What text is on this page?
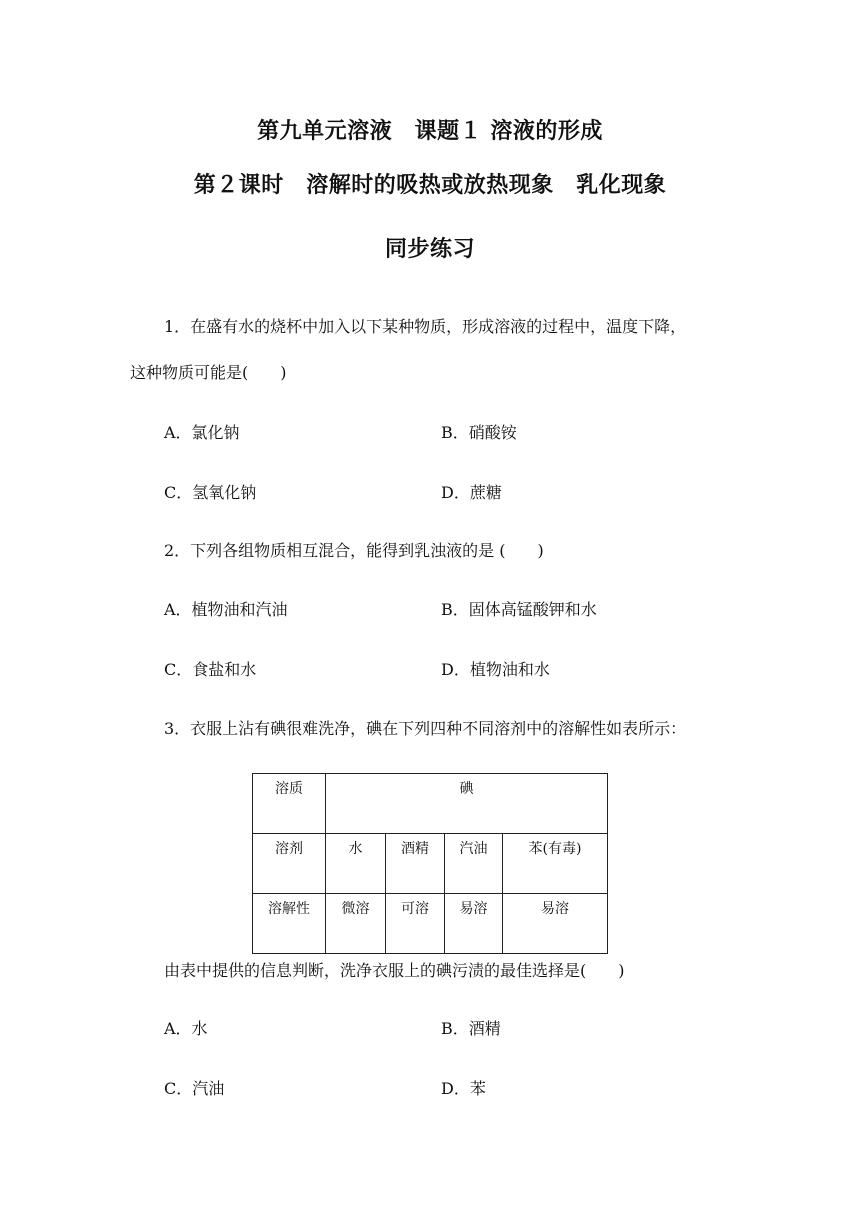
第九单元溶液　课题１ 溶液的形成
第２课时　溶解时的吸热或放热现象　乳化现象
同步练习
1．在盛有水的烧杯中加入以下某种物质，形成溶液的过程中，温度下降，
这种物质可能是(　　)
A．氯化钠	B．硝酸铵
C．氢氧化钠	D．蔗糖
2．下列各组物质相互混合，能得到乳浊液的是 (　　)
A．植物油和汽油	B．固体高锰酸钾和水
C．食盐和水	D．植物油和水
3．衣服上沾有碘很难洗净，碘在下列四种不同溶剂中的溶解性如表所示：
溶质	碘			
溶剂	水	酒精	汽油	苯(有毒)
溶解性	微溶	可溶	易溶	易溶
由表中提供的信息判断，洗净衣服上的碘污渍的最佳选择是(　　)
A．水	B．酒精
C．汽油	D．苯
